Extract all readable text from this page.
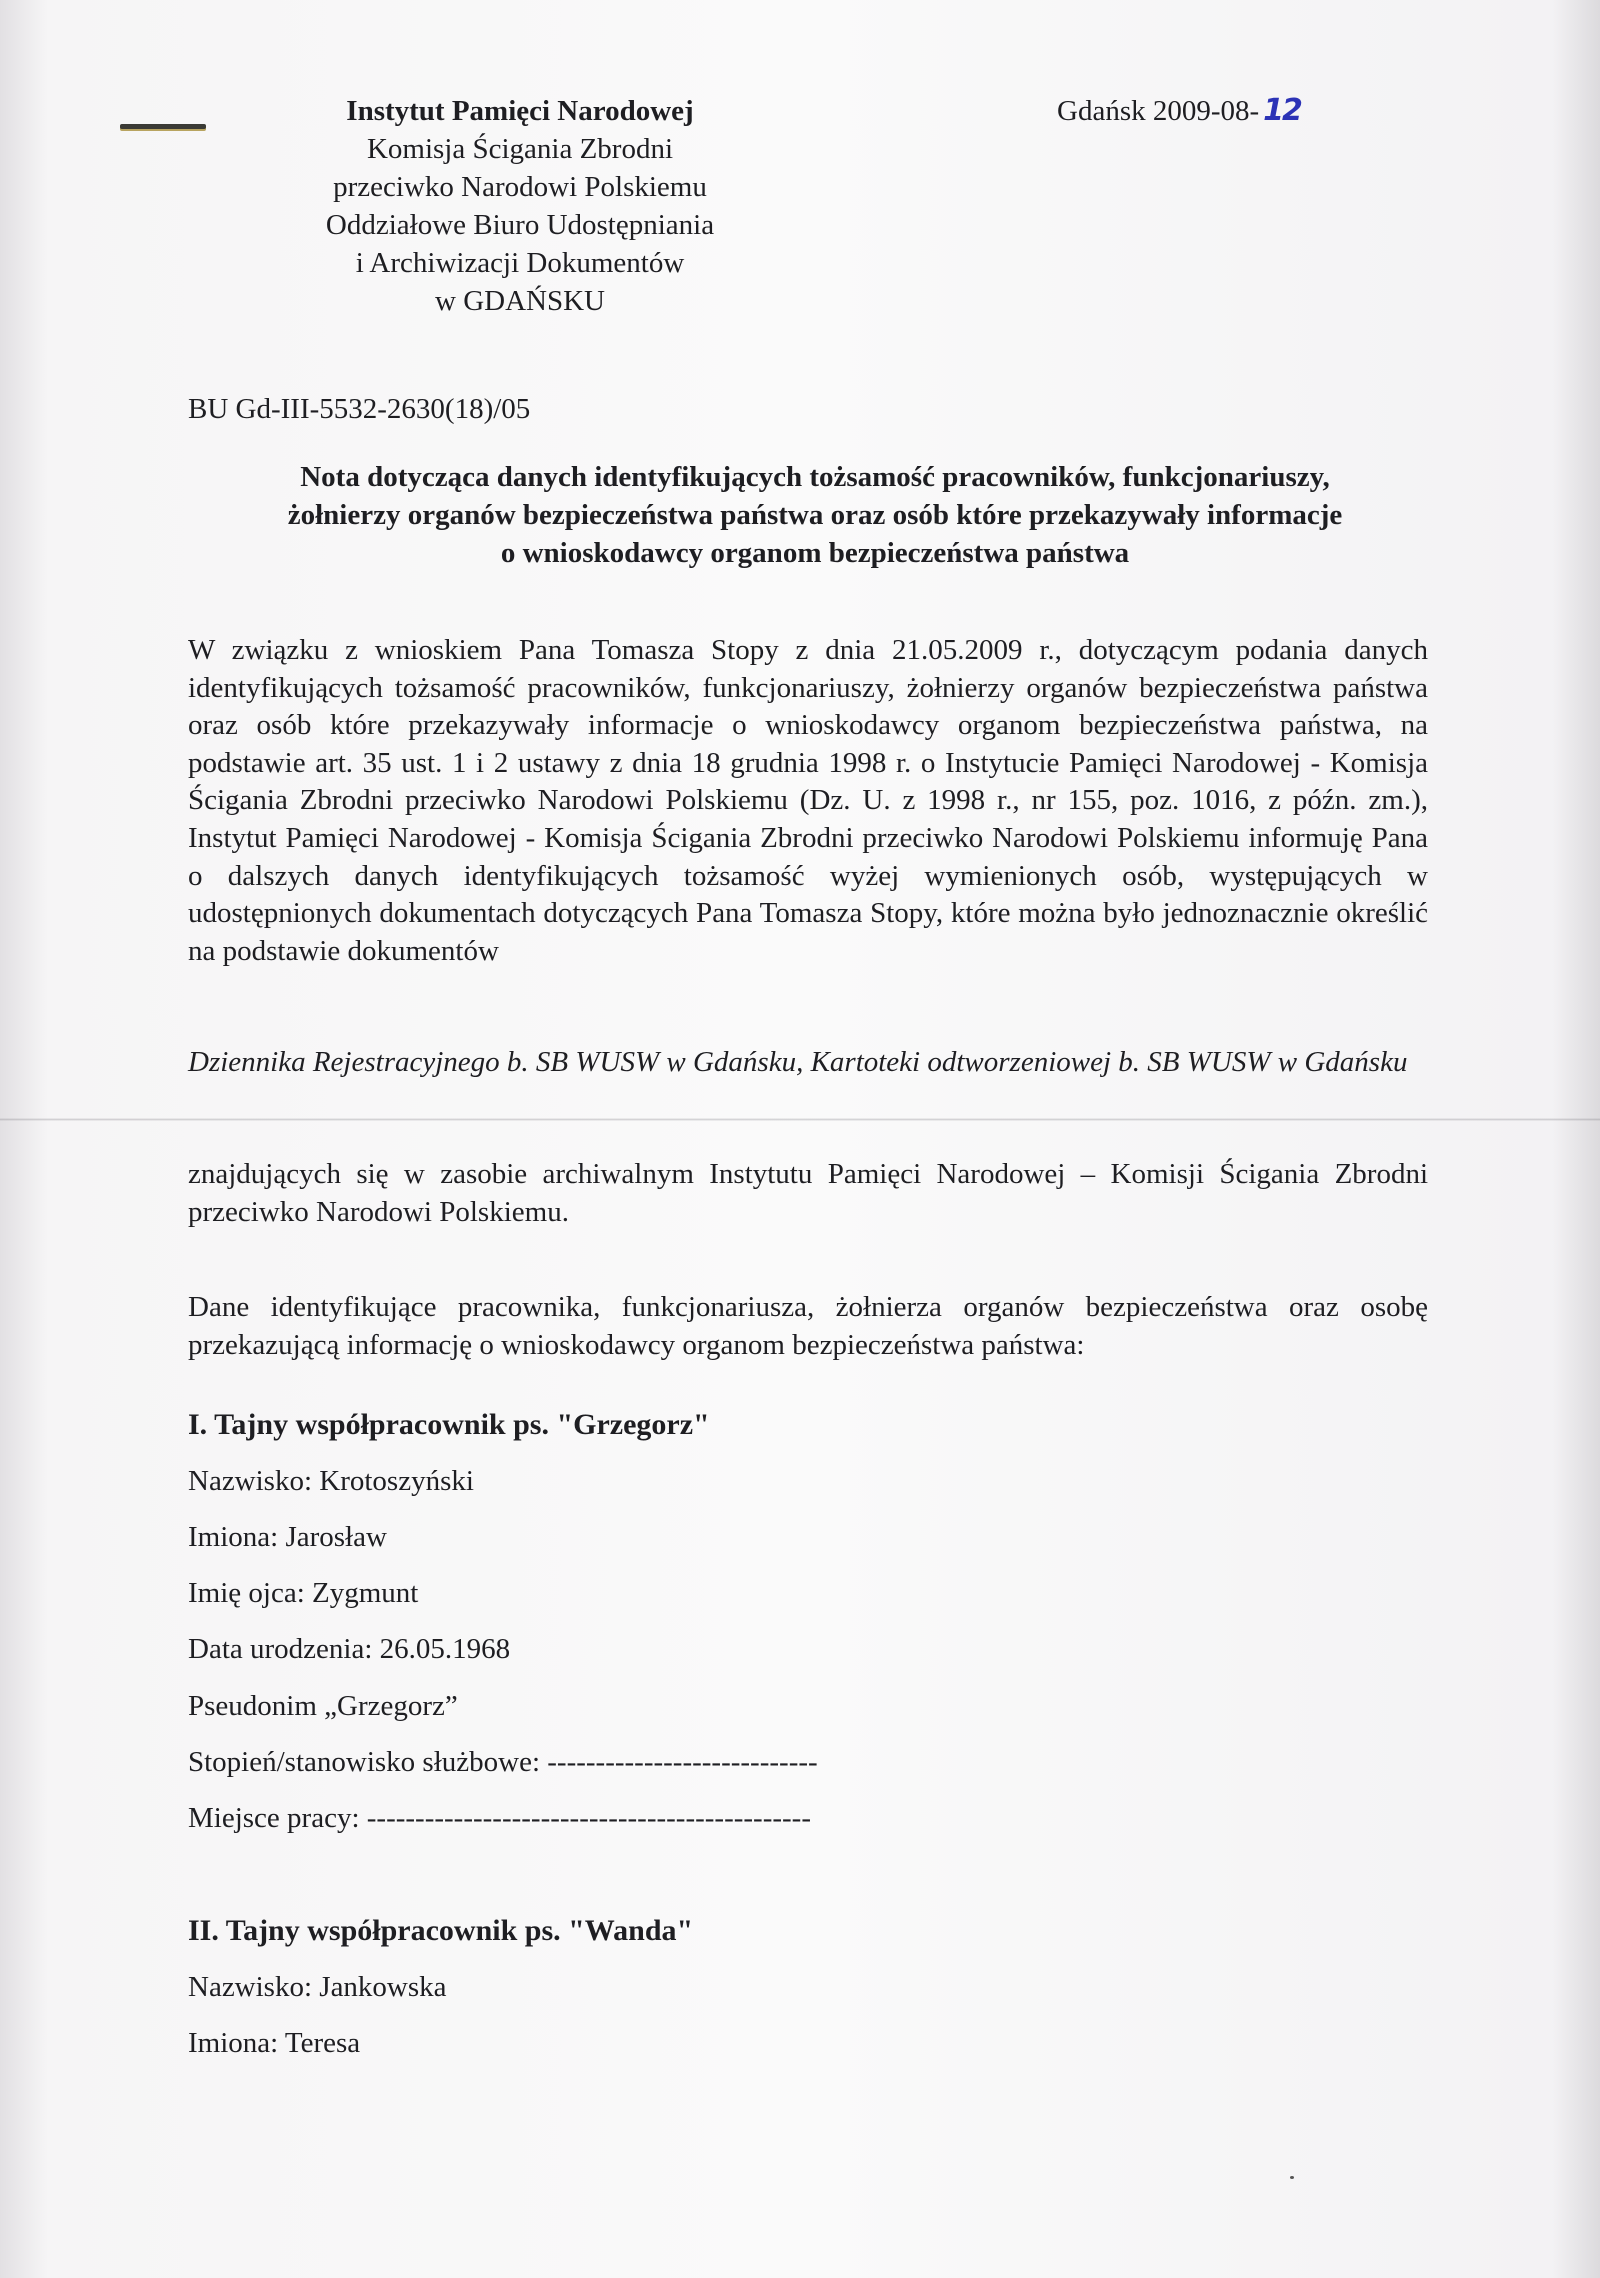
Instytut Pamięci Narodowej
Komisja Ścigania Zbrodni
przeciwko Narodowi Polskiemu
Oddziałowe Biuro Udostępniania
i Archiwizacji Dokumentów
w GDAŃSKU
Gdańsk 2009-08- 12
BU Gd-III-5532-2630(18)/05
Nota dotycząca danych identyfikujących tożsamość pracowników, funkcjonariuszy,
żołnierzy organów bezpieczeństwa państwa oraz osób które przekazywały informacje
o wnioskodawcy organom bezpieczeństwa państwa
W związku z wnioskiem Pana Tomasza Stopy z dnia 21.05.2009 r., dotyczącym podania danych identyfikujących tożsamość pracowników, funkcjonariuszy, żołnierzy organów bezpieczeństwa państwa oraz osób które przekazywały informacje o wnioskodawcy organom bezpieczeństwa państwa, na podstawie art. 35 ust. 1 i 2 ustawy z dnia 18 grudnia 1998 r. o Instytucie Pamięci Narodowej - Komisja Ścigania Zbrodni przeciwko Narodowi Polskiemu (Dz. U. z 1998 r., nr 155, poz. 1016, z późn. zm.), Instytut Pamięci Narodowej - Komisja Ścigania Zbrodni przeciwko Narodowi Polskiemu informuję Pana o dalszych danych identyfikujących tożsamość wyżej wymienionych osób, występujących w udostępnionych dokumentach dotyczących Pana Tomasza Stopy, które można było jednoznacznie określić na podstawie dokumentów
Dziennika Rejestracyjnego b. SB WUSW w Gdańsku, Kartoteki odtworzeniowej b. SB WUSW w Gdańsku
znajdujących się w zasobie archiwalnym Instytutu Pamięci Narodowej – Komisji Ścigania Zbrodni przeciwko Narodowi Polskiemu.
Dane identyfikujące pracownika, funkcjonariusza, żołnierza organów bezpieczeństwa oraz osobę przekazującą informację o wnioskodawcy organom bezpieczeństwa państwa:
I. Tajny współpracownik ps. "Grzegorz"
Nazwisko: Krotoszyński
Imiona: Jarosław
Imię ojca: Zygmunt
Data urodzenia: 26.05.1968
Pseudonim „Grzegorz”
Stopień/stanowisko służbowe: ----------------------------
Miejsce pracy: ----------------------------------------------
II. Tajny współpracownik ps. "Wanda"
Nazwisko: Jankowska
Imiona: Teresa
